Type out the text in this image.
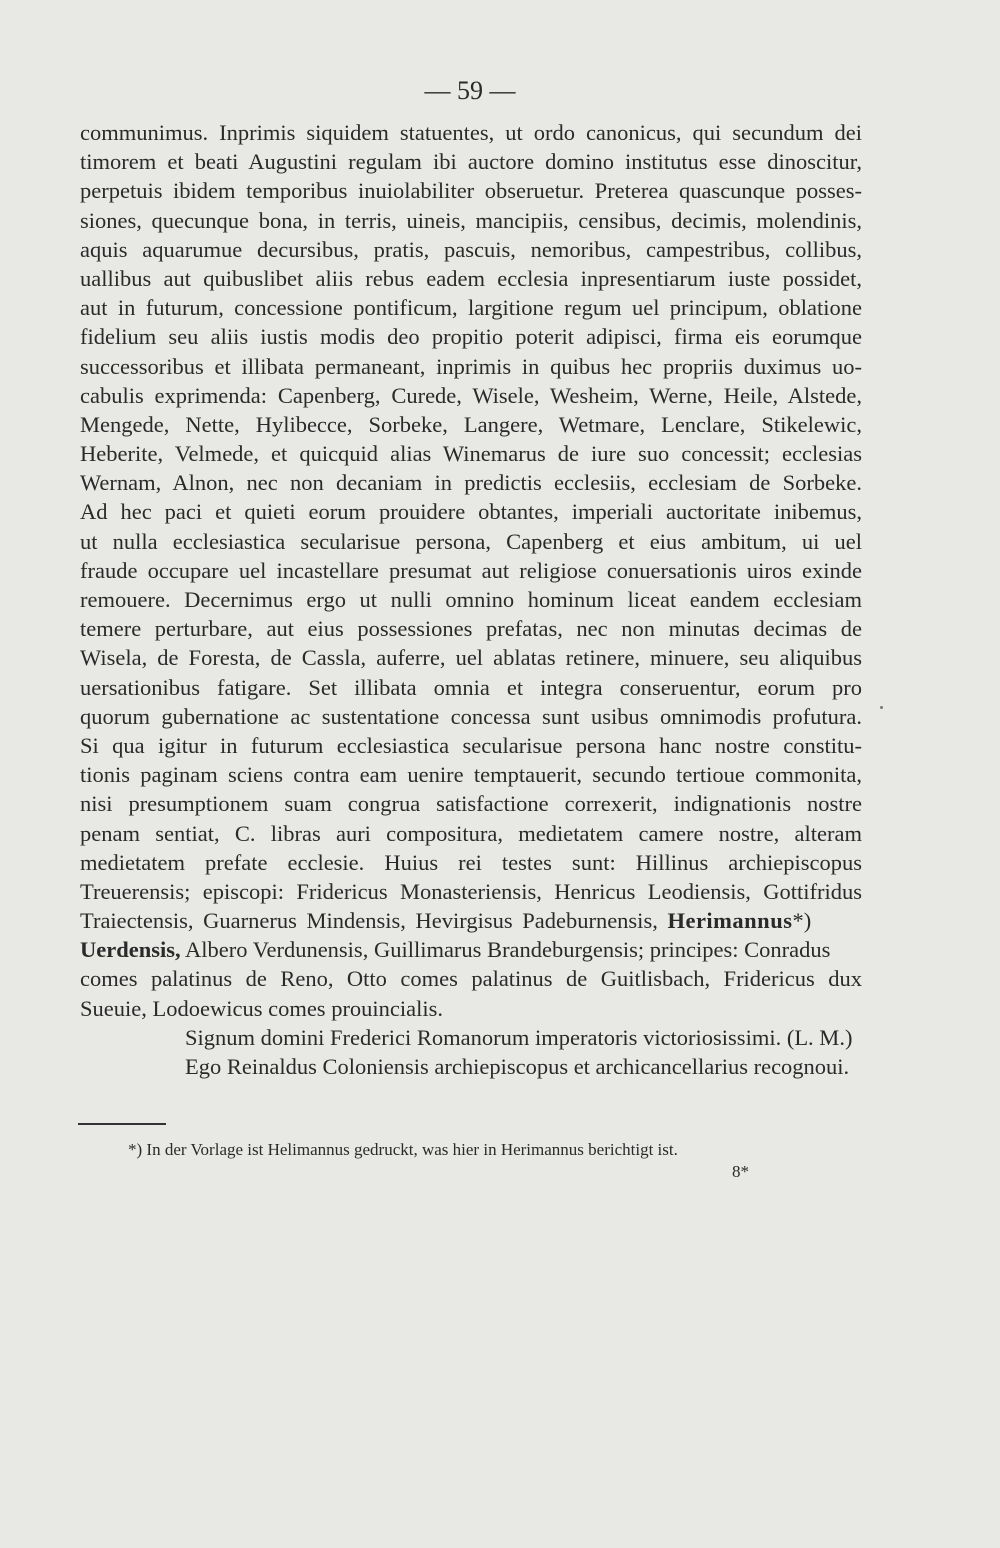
— 59 —
communimus. Inprimis siquidem statuentes, ut ordo canonicus, qui secundum dei
timorem et beati Augustini regulam ibi auctore domino institutus esse dinoscitur,
perpetuis ibidem temporibus inuiolabiliter obseruetur. Preterea quascunque posses-
siones, quecunque bona, in terris, uineis, mancipiis, censibus, decimis, molendinis,
aquis aquarumue decursibus, pratis, pascuis, nemoribus, campestribus, collibus,
uallibus aut quibuslibet aliis rebus eadem ecclesia inpresentiarum iuste possidet,
aut in futurum, concessione pontificum, largitione regum uel principum, oblatione
fidelium seu aliis iustis modis deo propitio poterit adipisci, firma eis eorumque
successoribus et illibata permaneant, inprimis in quibus hec propriis duximus uo-
cabulis exprimenda: Capenberg, Curede, Wisele, Wesheim, Werne, Heile, Alstede,
Mengede, Nette, Hylibecce, Sorbeke, Langere, Wetmare, Lenclare, Stikelewic,
Heberite, Velmede, et quicquid alias Winemarus de iure suo concessit; ecclesias
Wernam, Alnon, nec non decaniam in predictis ecclesiis, ecclesiam de Sorbeke.
Ad hec paci et quieti eorum prouidere obtantes, imperiali auctoritate inibemus,
ut nulla ecclesiastica secularisue persona, Capenberg et eius ambitum, ui uel
fraude occupare uel incastellare presumat aut religiose conuersationis uiros exinde
remouere. Decernimus ergo ut nulli omnino hominum liceat eandem ecclesiam
temere perturbare, aut eius possessiones prefatas, nec non minutas decimas de
Wisela, de Foresta, de Cassla, auferre, uel ablatas retinere, minuere, seu aliquibus
uersationibus fatigare. Set illibata omnia et integra conseruentur, eorum pro
quorum gubernatione ac sustentatione concessa sunt usibus omnimodis profutura.
Si qua igitur in futurum ecclesiastica secularisue persona hanc nostre constitu-
tionis paginam sciens contra eam uenire temptauerit, secundo tertioue commonita,
nisi presumptionem suam congrua satisfactione correxerit, indignationis nostre
penam sentiat, C. libras auri compositura, medietatem camere nostre, alteram
medietatem prefate ecclesie. Huius rei testes sunt: Hillinus archiepiscopus
Treuerensis; episcopi: Fridericus Monasteriensis, Henricus Leodiensis, Gottifridus
Traiectensis, Guarnerus Mindensis, Hevirgisus Padeburnensis, Herimannus*)
Uerdensis, Albero Verdunensis, Guillimarus Brandeburgensis; principes: Conradus
comes palatinus de Reno, Otto comes palatinus de Guitlisbach, Fridericus dux
Sueuie, Lodoewicus comes prouincialis.
Signum domini Frederici Romanorum imperatoris victoriosissimi. (L. M.)
Ego Reinaldus Coloniensis archiepiscopus et archicancellarius recognoui.
*) In der Vorlage ist Helimannus gedruckt, was hier in Herimannus berichtigt ist.
8*
